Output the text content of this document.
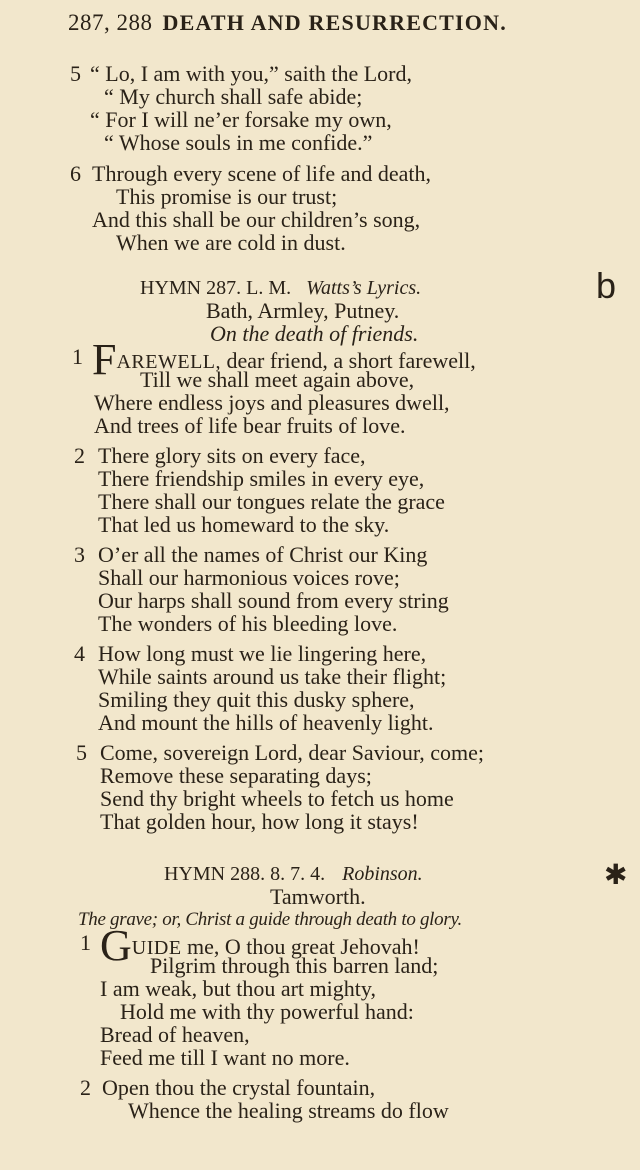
287, 288 DEATH AND RESURRECTION.
5 “ Lo, I am with you,” saith the Lord,
“ My church shall safe abide;
“ For I will ne’er forsake my own,
“ Whose souls in me confide.”
6 Through every scene of life and death,
This promise is our trust;
And this shall be our children’s song,
When we are cold in dust.
HYMN 287. L. M. Watts’s Lyrics.	b
Bath, Armley, Putney.
On the death of friends.
1 FAREWELL, dear friend, a short farewell,
Till we shall meet again above,
Where endless joys and pleasures dwell,
And trees of life bear fruits of love.
2 There glory sits on every face,
There friendship smiles in every eye,
There shall our tongues relate the grace
That led us homeward to the sky.
3 O’er all the names of Christ our King
Shall our harmonious voices rove;
Our harps shall sound from every string
The wonders of his bleeding love.
4 How long must we lie lingering here,
While saints around us take their flight;
Smiling they quit this dusky sphere,
And mount the hills of heavenly light.
5 Come, sovereign Lord, dear Saviour, come;
Remove these separating days;
Send thy bright wheels to fetch us home
That golden hour, how long it stays!
HYMN 288. 8. 7. 4. Robinson.	✱
Tamworth.
The grave; or, Christ a guide through death to glory.
1 GUIDE me, O thou great Jehovah!
Pilgrim through this barren land;
I am weak, but thou art mighty,
Hold me with thy powerful hand:
Bread of heaven,
Feed me till I want no more.
2 Open thou the crystal fountain,
Whence the healing streams do flow
